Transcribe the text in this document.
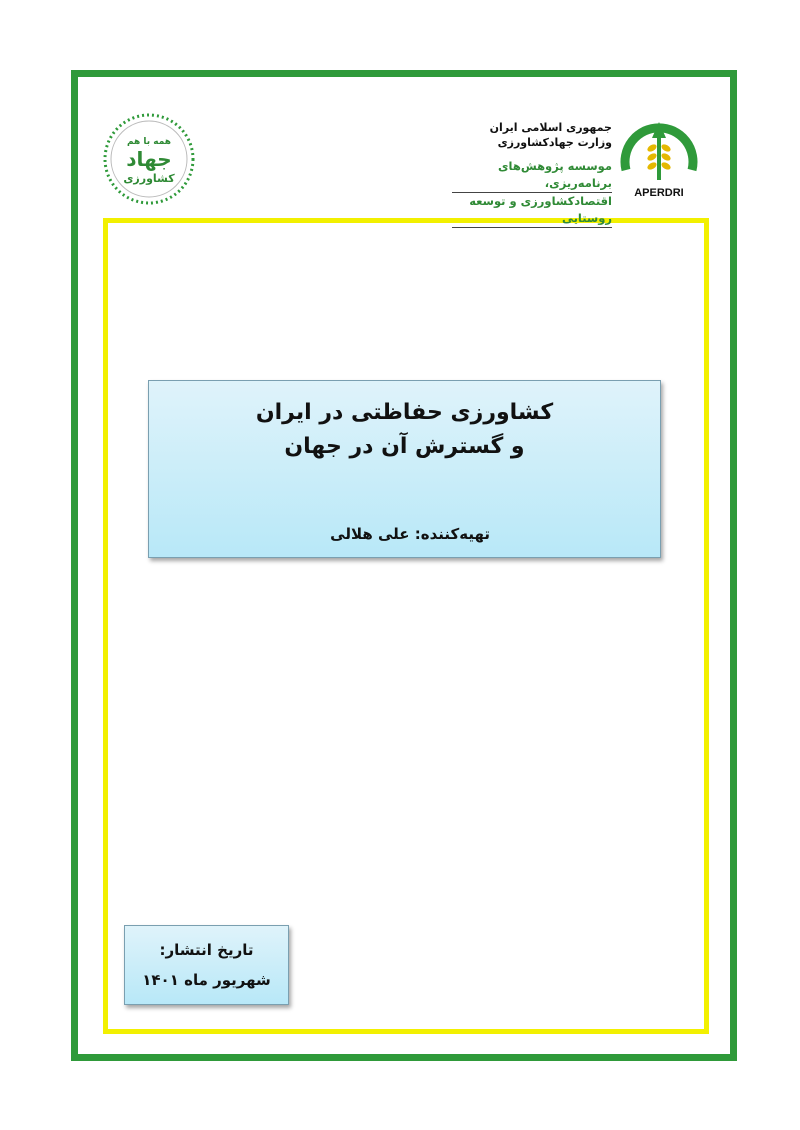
همه با هم
جهاد
کشاورزی
جمهوری اسلامی ایران
وزارت جهادکشاورزی
موسسه پژوهش‌های برنامه‌ریزی،
اقتصادکشاورزی و توسعه روستایی
APERDRI
کشاورزی حفاظتی در ایران
و گسترش آن در جهان
تهیه‌کننده: علی هلالی
تاریخ انتشار:
شهریور ماه ۱۴۰۱
